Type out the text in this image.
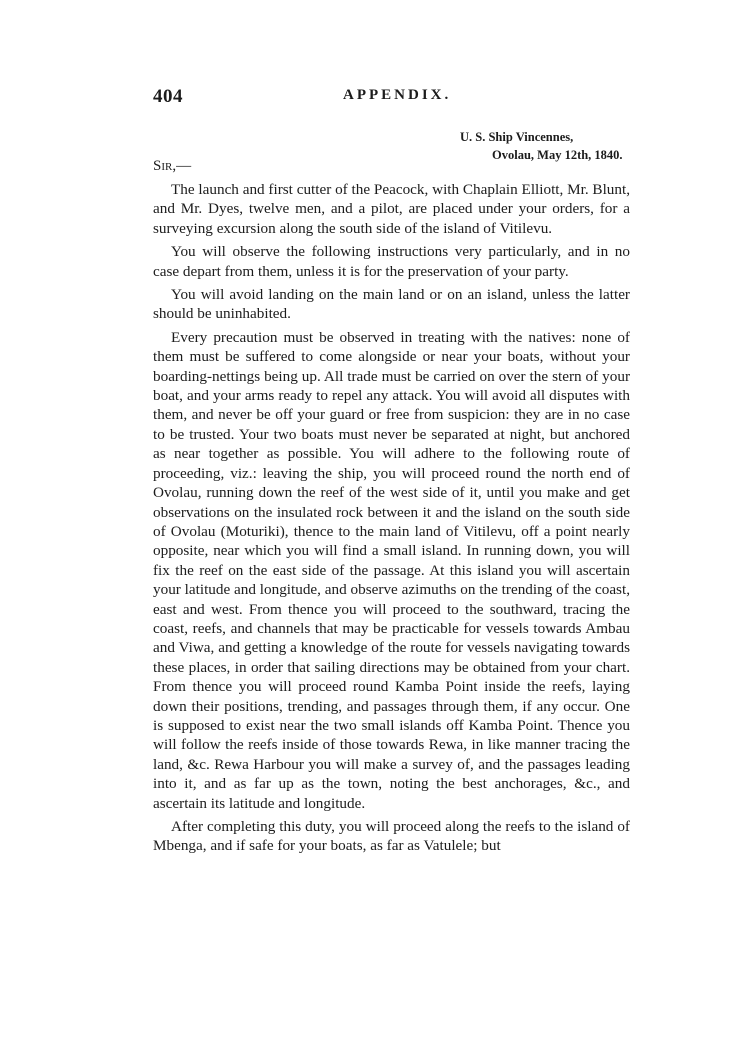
404	APPENDIX.
U. S. Ship Vincennes,
Ovolau, May 12th, 1840.
Sir,—

The launch and first cutter of the Peacock, with Chaplain Elliott, Mr. Blunt, and Mr. Dyes, twelve men, and a pilot, are placed under your orders, for a surveying excursion along the south side of the island of Vitilevu.

You will observe the following instructions very particularly, and in no case depart from them, unless it is for the preservation of your party.

You will avoid landing on the main land or on an island, unless the latter should be uninhabited.

Every precaution must be observed in treating with the natives: none of them must be suffered to come alongside or near your boats, without your boarding-nettings being up. All trade must be carried on over the stern of your boat, and your arms ready to repel any attack. You will avoid all disputes with them, and never be off your guard or free from suspicion: they are in no case to be trusted. Your two boats must never be separated at night, but anchored as near together as possible. You will adhere to the following route of proceeding, viz.: leaving the ship, you will proceed round the north end of Ovolau, running down the reef of the west side of it, until you make and get observations on the insulated rock between it and the island on the south side of Ovolau (Moturiki), thence to the main land of Vitilevu, off a point nearly opposite, near which you will find a small island. In running down, you will fix the reef on the east side of the passage. At this island you will ascertain your latitude and longitude, and observe azimuths on the trending of the coast, east and west. From thence you will proceed to the southward, tracing the coast, reefs, and channels that may be practicable for vessels towards Ambau and Viwa, and getting a knowledge of the route for vessels navigating towards these places, in order that sailing directions may be obtained from your chart. From thence you will proceed round Kamba Point inside the reefs, laying down their positions, trending, and passages through them, if any occur. One is supposed to exist near the two small islands off Kamba Point. Thence you will follow the reefs inside of those towards Rewa, in like manner tracing the land, &c. Rewa Harbour you will make a survey of, and the passages leading into it, and as far up as the town, noting the best anchorages, &c., and ascertain its latitude and longitude.

After completing this duty, you will proceed along the reefs to the island of Mbenga, and if safe for your boats, as far as Vatulele; but
